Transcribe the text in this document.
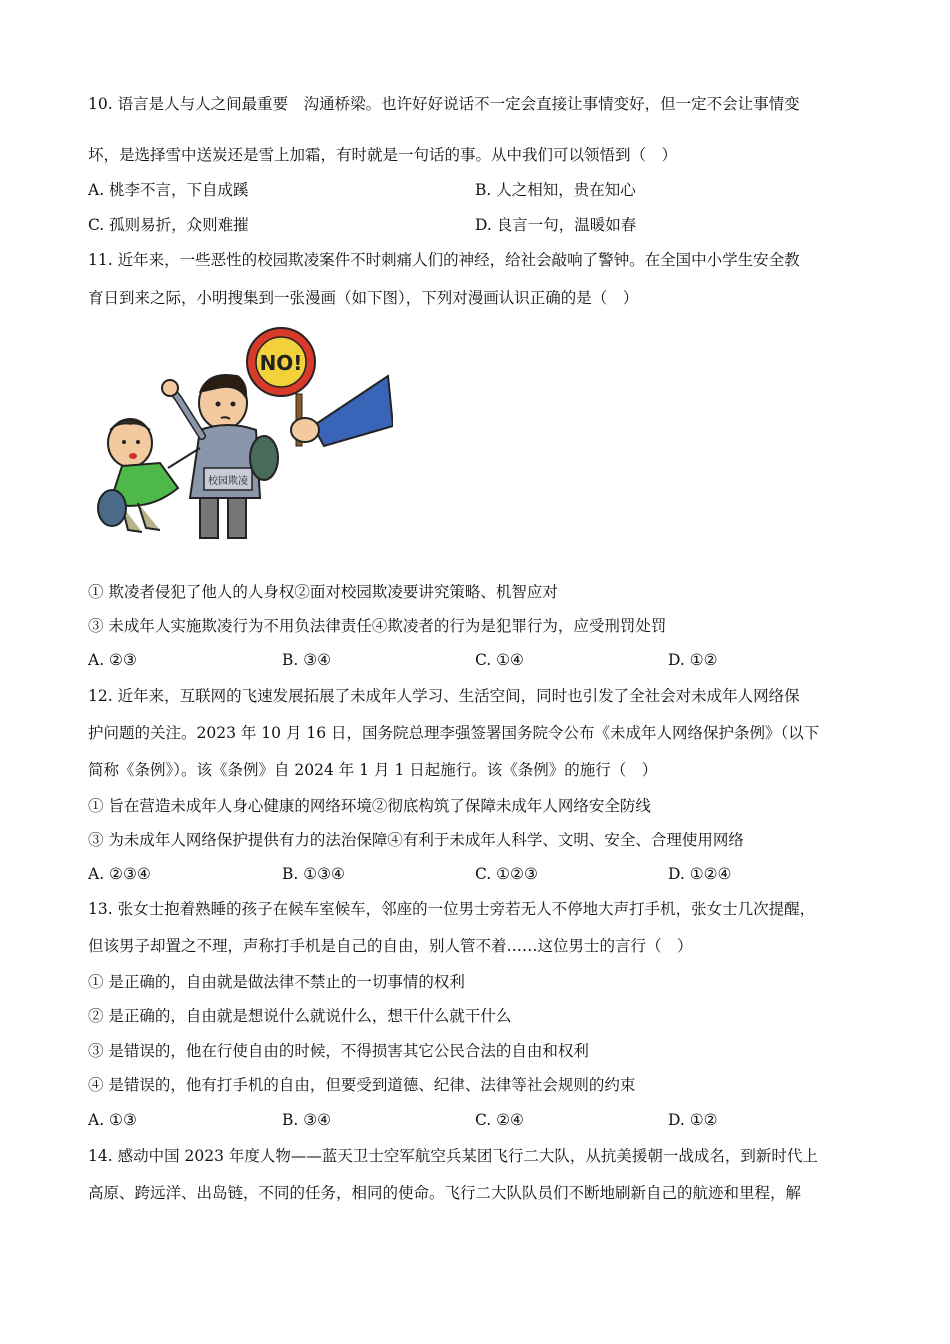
10. 语言是人与人之间最重要　沟通桥梁。也许好好说话不一定会直接让事情变好，但一定不会让事情变
坏，是选择雪中送炭还是雪上加霜，有时就是一句话的事。从中我们可以领悟到（　）
A. 桃李不言，下自成蹊	B. 人之相知，贵在知心
C. 孤则易折，众则难摧	D. 良言一句，温暖如春
11. 近年来，一些恶性的校园欺凌案件不时刺痛人们的神经，给社会敲响了警钟。在全国中小学生安全教
育日到来之际，小明搜集到一张漫画（如下图），下列对漫画认识正确的是（　）
校园欺凌
NO!
① 欺凌者侵犯了他人的人身权②面对校园欺凌要讲究策略、机智应对
③ 未成年人实施欺凌行为不用负法律责任④欺凌者的行为是犯罪行为，应受刑罚处罚
A. ②③	B. ③④	C. ①④	D. ①②
12. 近年来，互联网的飞速发展拓展了未成年人学习、生活空间，同时也引发了全社会对未成年人网络保
护问题的关注。2023 年 10 月 16 日，国务院总理李强签署国务院令公布《未成年人网络保护条例》（以下
简称《条例》）。该《条例》自 2024 年 1 月 1 日起施行。该《条例》的施行（　）
① 旨在营造未成年人身心健康的网络环境②彻底构筑了保障未成年人网络安全防线
③ 为未成年人网络保护提供有力的法治保障④有利于未成年人科学、文明、安全、合理使用网络
A. ②③④	B. ①③④	C. ①②③	D. ①②④
13. 张女士抱着熟睡的孩子在候车室候车，邻座的一位男士旁若无人不停地大声打手机，张女士几次提醒，
但该男子却置之不理，声称打手机是自己的自由，别人管不着……这位男士的言行（　）
① 是正确的，自由就是做法律不禁止的一切事情的权利
② 是正确的，自由就是想说什么就说什么，想干什么就干什么
③ 是错误的，他在行使自由的时候，不得损害其它公民合法的自由和权利
④ 是错误的，他有打手机的自由，但要受到道德、纪律、法律等社会规则的约束
A. ①③	B. ③④	C. ②④	D. ①②
14. 感动中国 2023 年度人物——蓝天卫士空军航空兵某团飞行二大队，从抗美援朝一战成名，到新时代上
高原、跨远洋、出岛链，不同的任务，相同的使命。飞行二大队队员们不断地刷新自己的航迹和里程，解
